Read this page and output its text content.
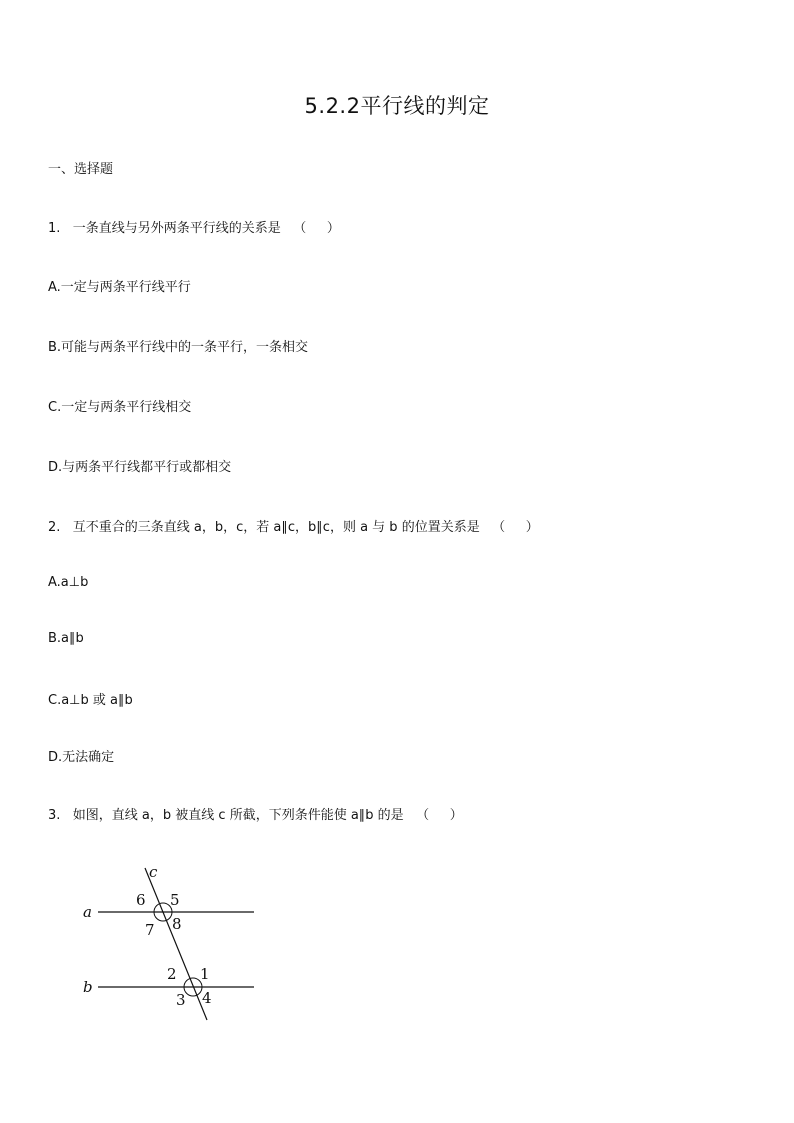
5.2.2平行线的判定
一、选择题
1.   一条直线与另外两条平行线的关系是   （     ）
A.一定与两条平行线平行
B.可能与两条平行线中的一条平行，一条相交
C.一定与两条平行线相交
D.与两条平行线都平行或都相交
2.   互不重合的三条直线 a，b，c，若 a∥c，b∥c，则 a 与 b 的位置关系是   （     ）
A.a⊥b
B.a∥b
C.a⊥b 或 a∥b
D.无法确定
3.   如图，直线 a，b 被直线 c 所截，下列条件能使 a∥b 的是   （     ）
a
b
c
1
2
3 4
5
6
7 8
